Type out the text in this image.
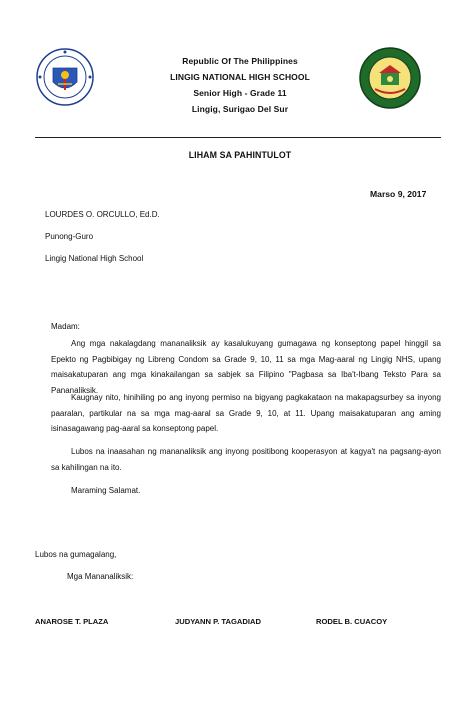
Republic Of The Philippines
LINGIG NATIONAL HIGH SCHOOL
Senior High - Grade 11
Lingig, Surigao Del Sur
LIHAM SA PAHINTULOT
Marso 9, 2017
LOURDES O. ORCULLO, Ed.D.
Punong-Guro
Lingig National High School
Madam:
Ang mga nakalagdang mananaliksik ay kasalukuyang gumagawa ng konseptong papel hinggil sa Epekto ng Pagbibigay ng Libreng Condom sa Grade 9, 10, 11 sa mga Mag-aaral ng Lingig NHS, upang maisakatuparan ang mga kinakailangan sa sabjek sa Filipino "Pagbasa sa Iba't-Ibang Teksto Para sa Pananaliksik.
Kaugnay nito, hinihiling po ang inyong permiso na bigyang pagkakataon na makapagsurbey sa inyong paaralan, partikular na sa mga mag-aaral sa Grade 9, 10, at 11. Upang maisakatuparan ang aming isinasagawang pag-aaral sa konseptong papel.
Lubos na inaasahan ng mananaliksik ang inyong positibong kooperasyon at kagya't na pagsang-ayon sa kahilingan na ito.
Maraming Salamat.
Lubos na gumagalang,
Mga Mananaliksik:
ANAROSE T. PLAZA	JUDYANN P. TAGADIAD	RODEL B. CUACOY
